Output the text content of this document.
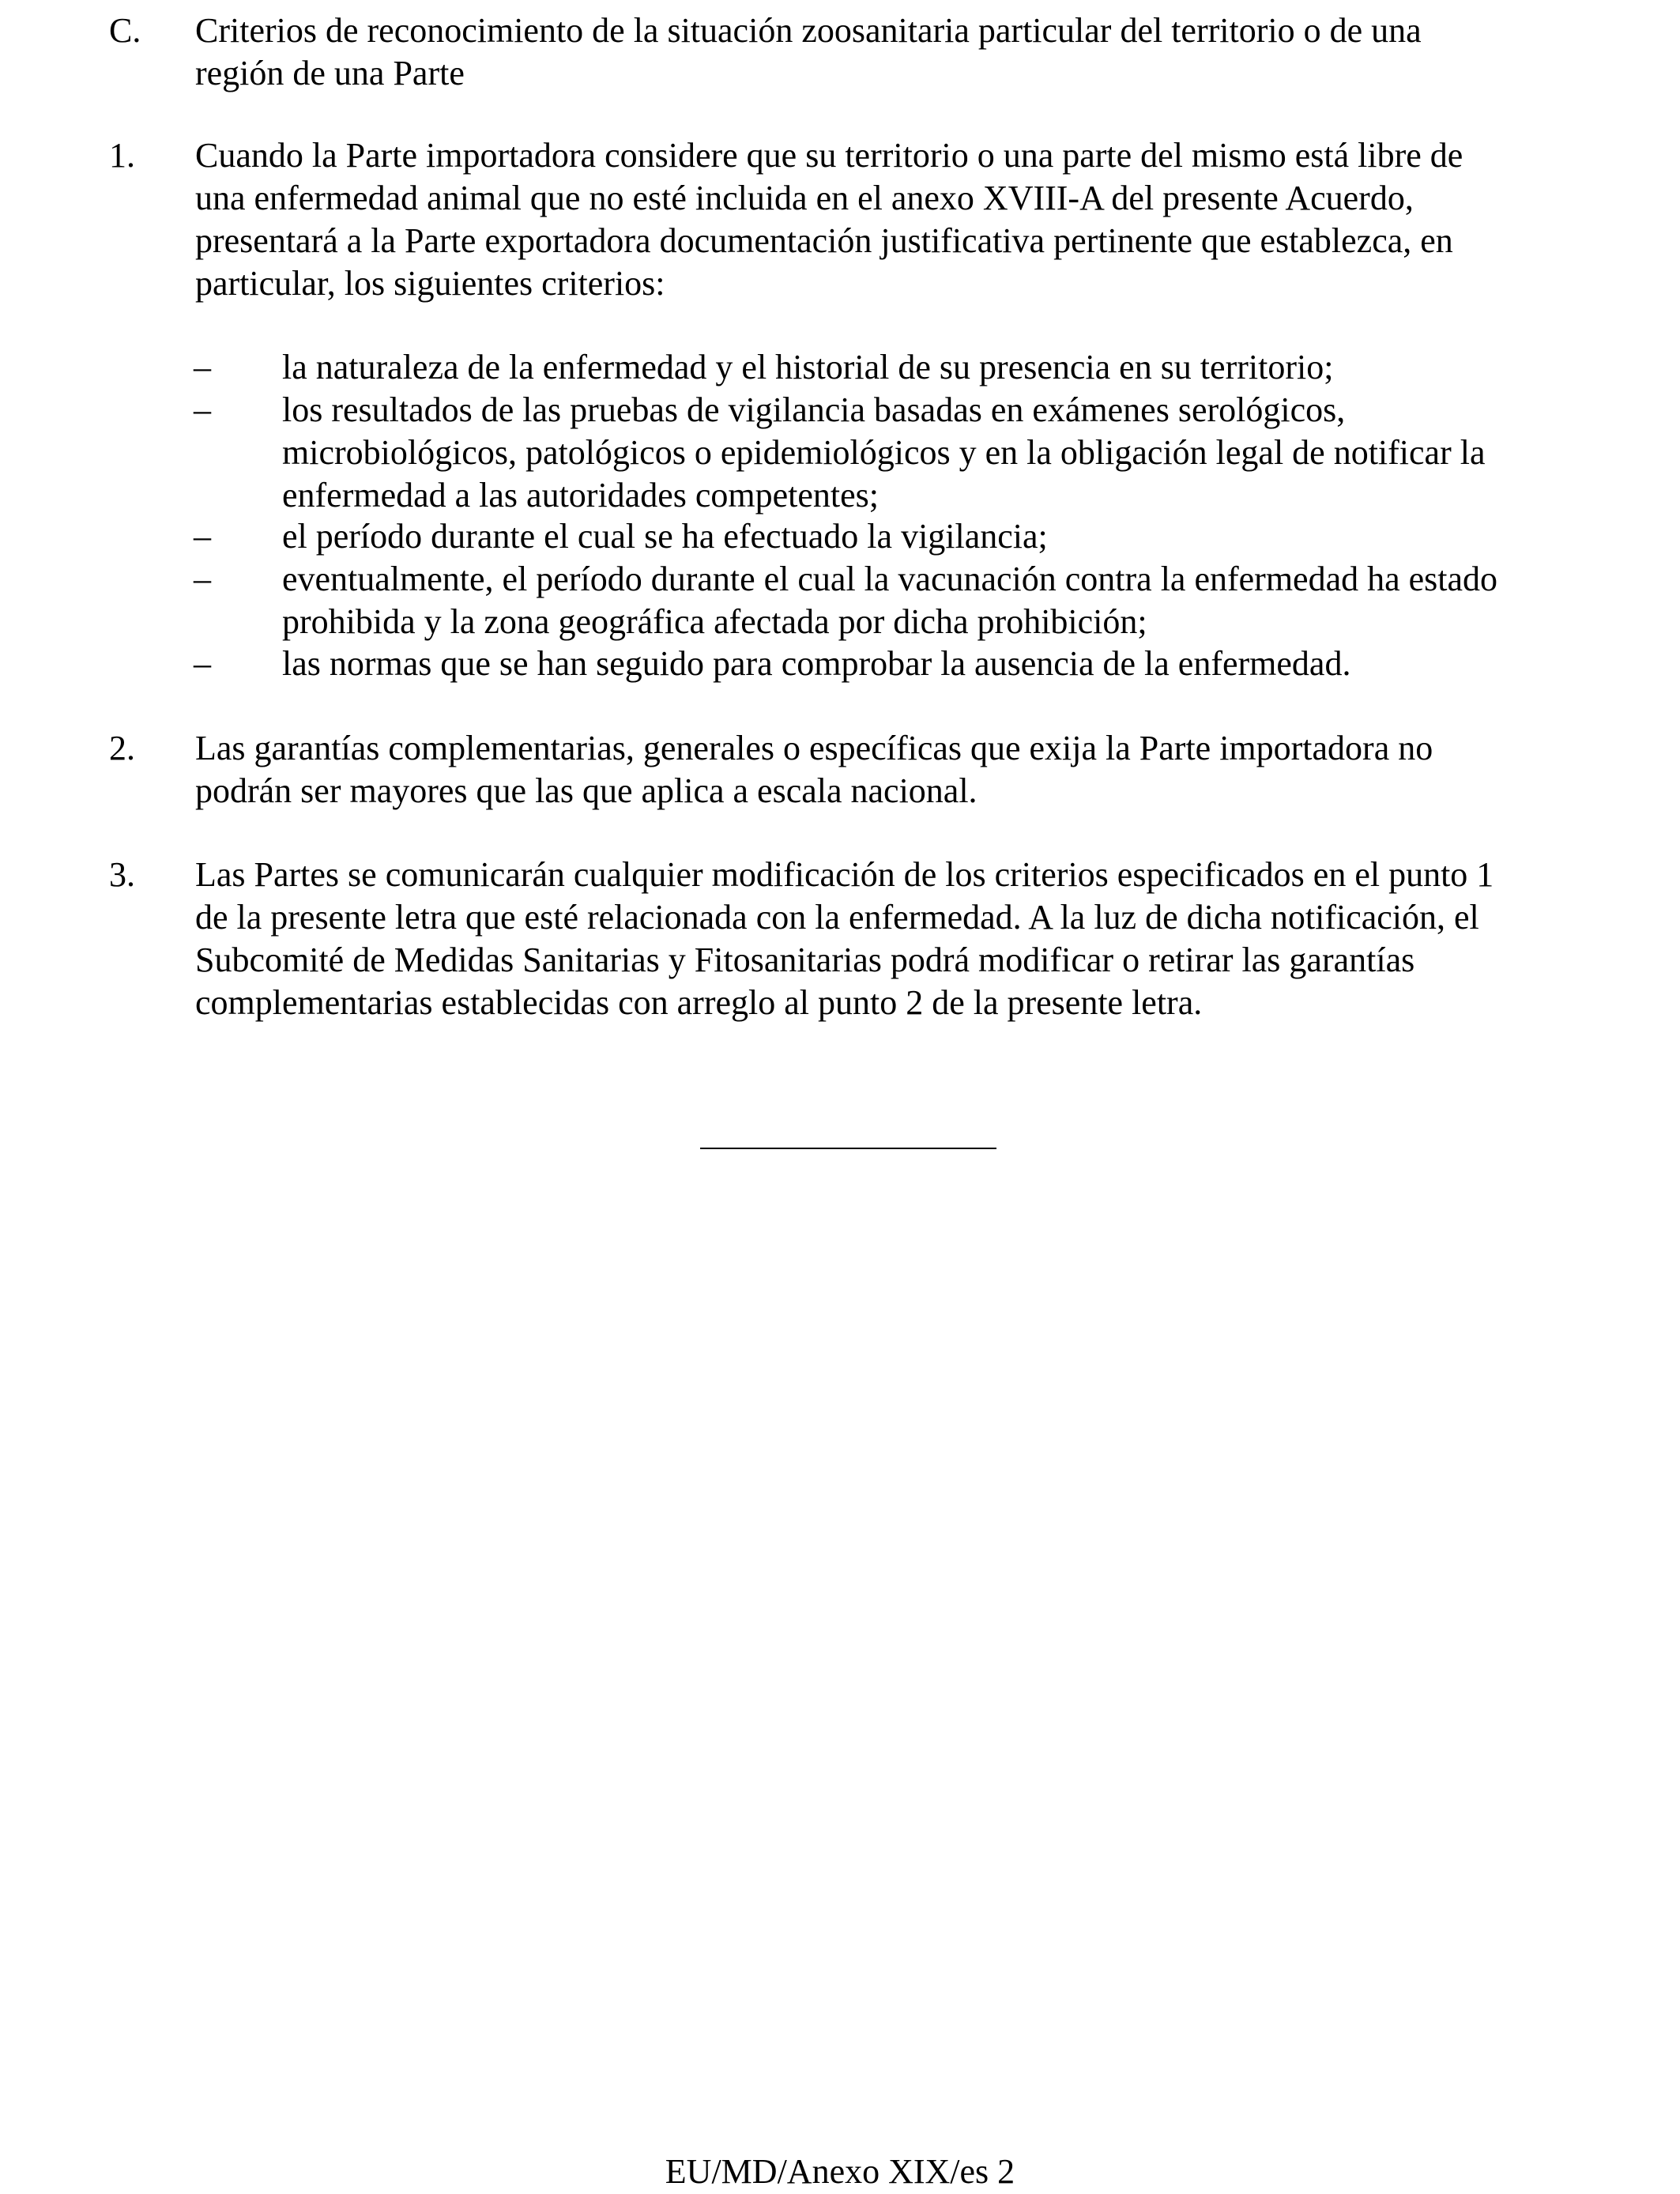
C. Criterios de reconocimiento de la situación zoosanitaria particular del territorio o de una
región de una Parte
1. Cuando la Parte importadora considere que su territorio o una parte del mismo está libre de
una enfermedad animal que no esté incluida en el anexo XVIII-A del presente Acuerdo,
presentará a la Parte exportadora documentación justificativa pertinente que establezca, en
particular, los siguientes criterios:
– la naturaleza de la enfermedad y el historial de su presencia en su territorio;
– los resultados de las pruebas de vigilancia basadas en exámenes serológicos,
microbiológicos, patológicos o epidemiológicos y en la obligación legal de notificar la
enfermedad a las autoridades competentes;
– el período durante el cual se ha efectuado la vigilancia;
– eventualmente, el período durante el cual la vacunación contra la enfermedad ha estado
prohibida y la zona geográfica afectada por dicha prohibición;
– las normas que se han seguido para comprobar la ausencia de la enfermedad.
2. Las garantías complementarias, generales o específicas que exija la Parte importadora no
podrán ser mayores que las que aplica a escala nacional.
3. Las Partes se comunicarán cualquier modificación de los criterios especificados en el punto 1
de la presente letra que esté relacionada con la enfermedad. A la luz de dicha notificación, el
Subcomité de Medidas Sanitarias y Fitosanitarias podrá modificar o retirar las garantías
complementarias establecidas con arreglo al punto 2 de la presente letra.
EU/MD/Anexo XIX/es 2
